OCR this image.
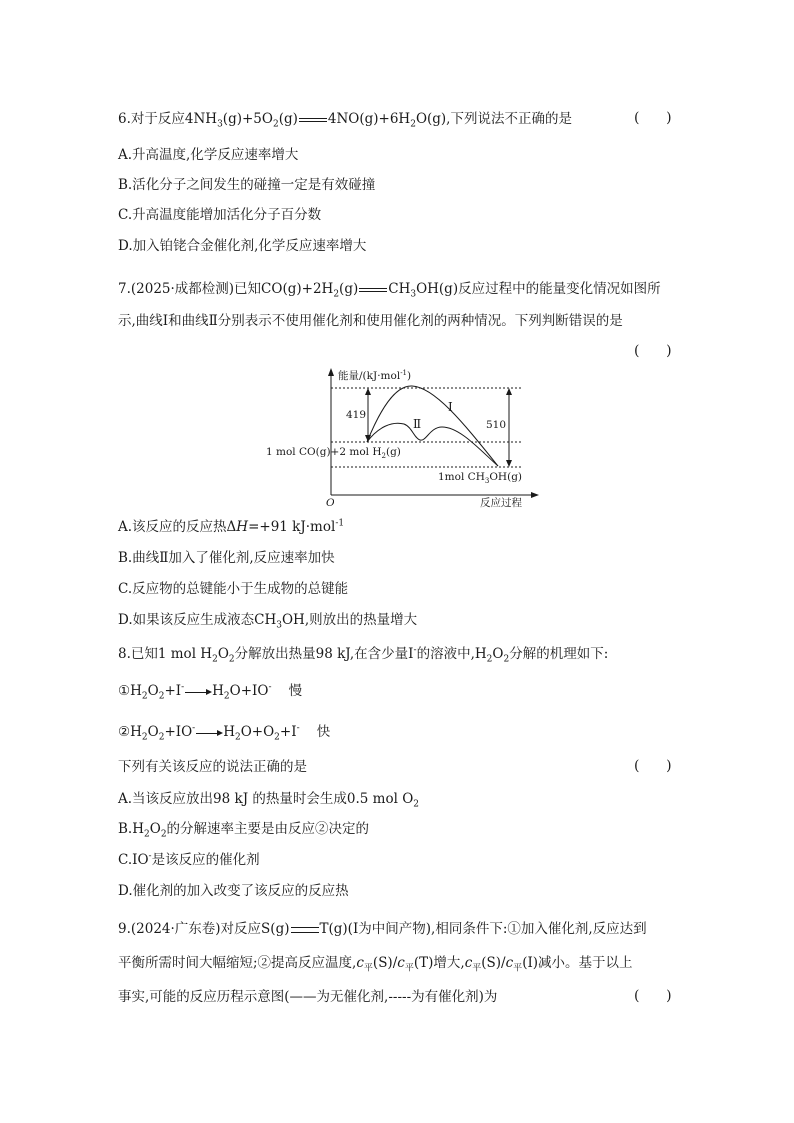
6.对于反应$4NH_3(g)+5O_2(g)$ $4NO(g)+6H_2O(g)$,下列说法不正确的是	(      )
A.升高温度,化学反应速率增大
B.活化分子之间发生的碰撞一定是有效碰撞
C.升高温度能增加活化分子百分数
D.加入铂铑合金催化剂,化学反应速率增大
7.(2025·成都检测)已知$CO(g)+2H_2(g)$ $CH_3OH(g)$反应过程中的能量变化情况如图所
示,曲线Ⅰ和曲线Ⅱ分别表示不使用催化剂和使用催化剂的两种情况。下列判断错误的是
(      )
能量/(kJ·mol$^{-1}$)
419
510
Ⅰ
Ⅱ
1 mol CO(g)+2 mol $H_2(g)$
1mol $CH_3OH(g)$
O	反应过程
A.该反应的反应热ΔH=+91 kJ·mol$^{-1}$
B.曲线Ⅱ加入了催化剂,反应速率加快
C.反应物的总键能小于生成物的总键能
D.如果该反应生成液态$CH_3OH$,则放出的热量增大
8.已知1 mol $H_2O_2$分解放出热量98 kJ,在含少量I-的溶液中$,H_2O_2$分解的机理如下:
$①H_2O_2+I^-$ $H_2O+IO^-$ 慢
$②H_2O_2+IO^-$ $H_2O+O_2+I^-$ 快
下列有关该反应的说法正确的是	(      )
A.当该反应放出98 kJ 的热量时会生成0.5 mol $O_2$
$B.H_2O_2$的分解速率主要是由反应②决定的
C.IO-是该反应的催化剂
D.催化剂的加入改变了该反应的反应热
9.(2024·广东卷)对反应S(g) T(g)(I为中间产物),相同条件下:①加入催化剂,反应达到
平衡所需时间大幅缩短;②提高反应温度$,c_平(S)/c_平(T)$增大$,c_平(S)/c_平(I)$减小。基于以上
事实,可能的反应历程示意图(——为无催化剂,-----为有催化剂)为	(      )
